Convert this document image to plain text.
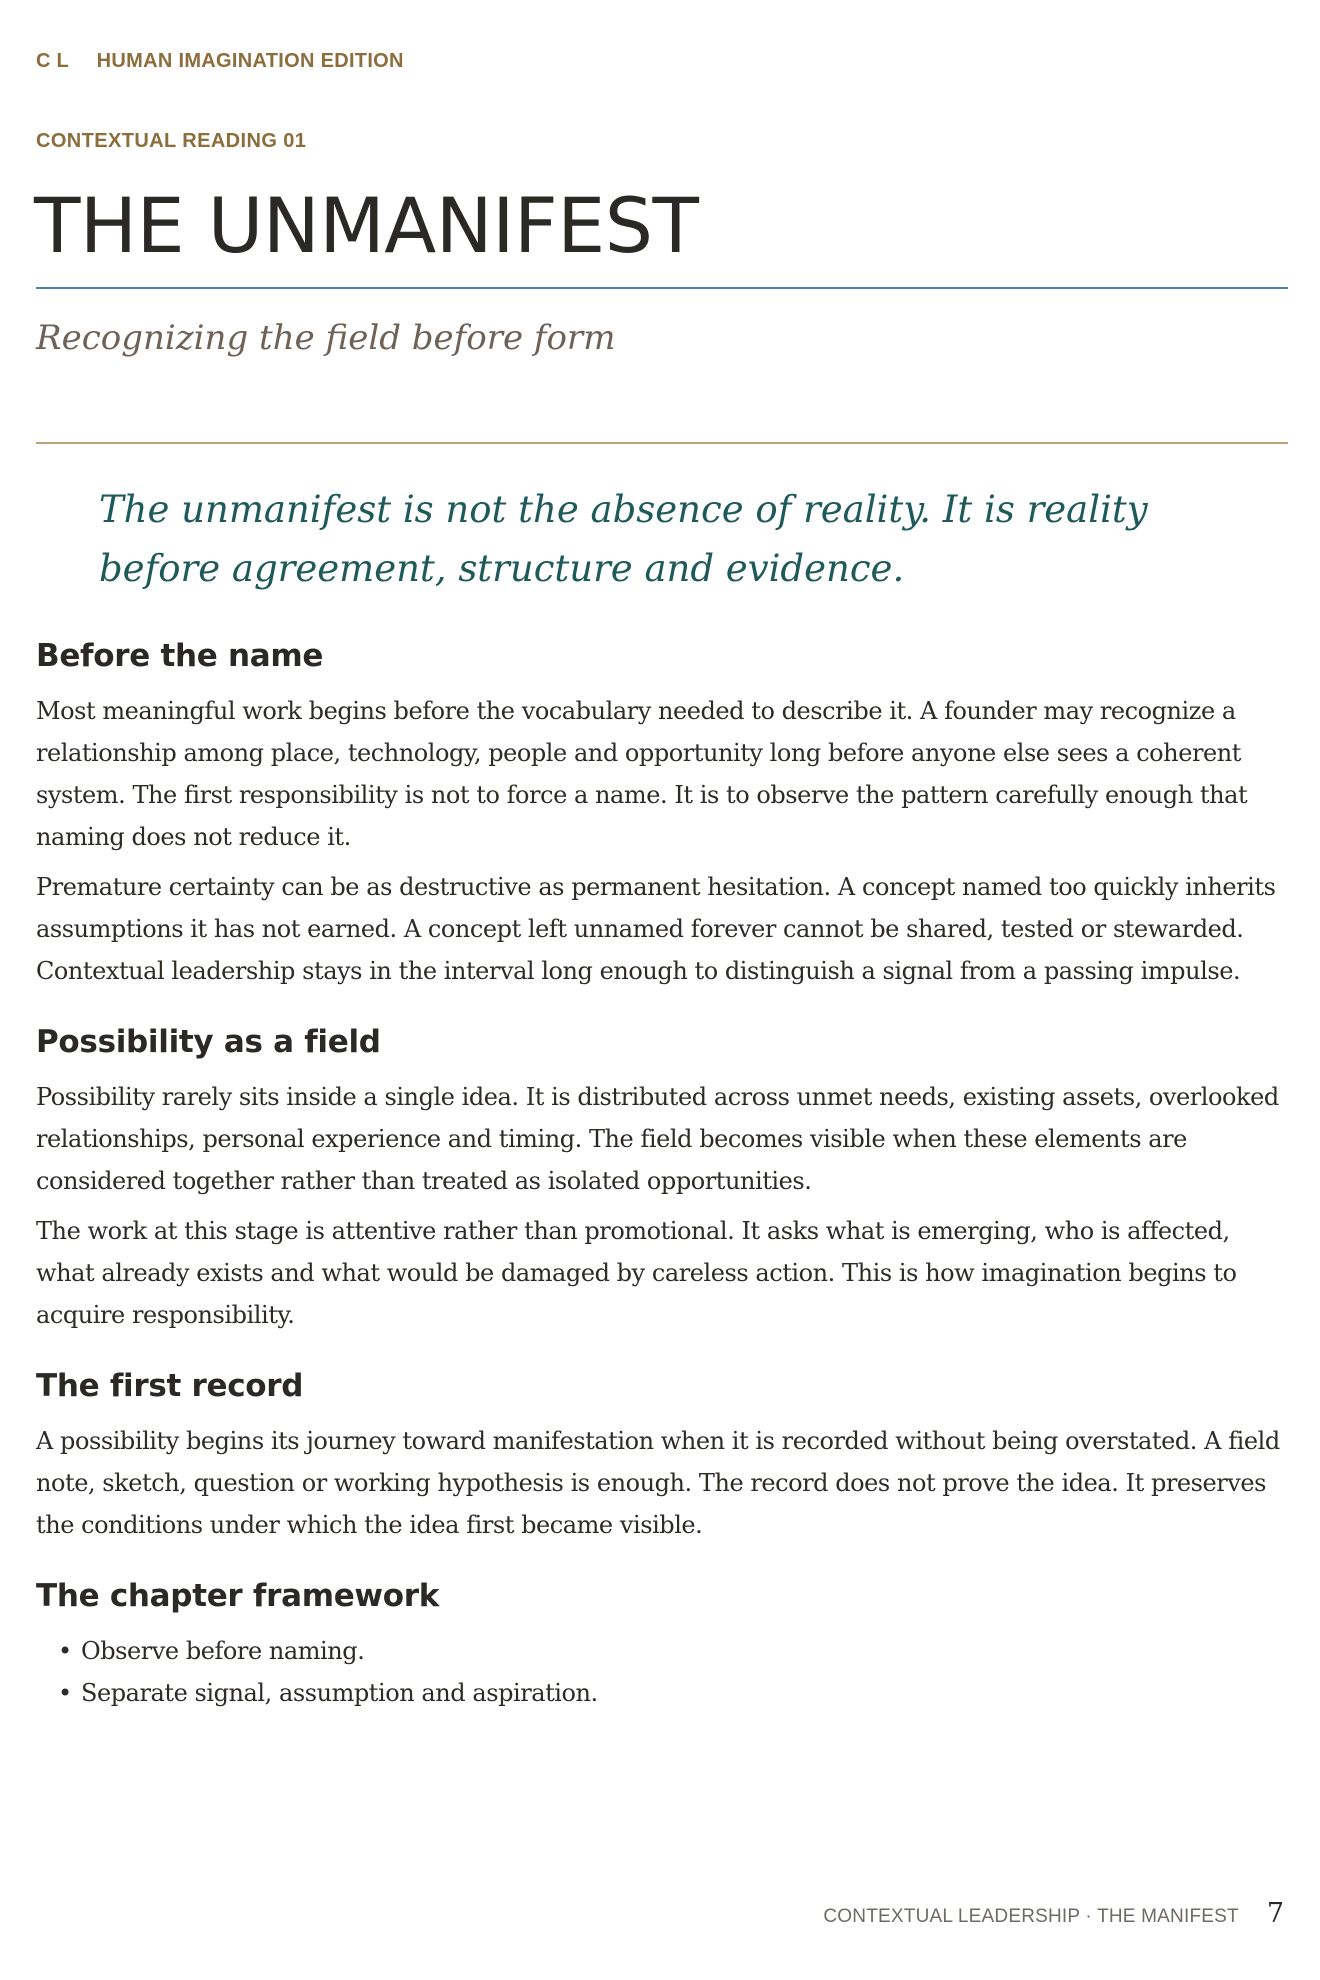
CL HUMAN IMAGINATION EDITION
CONTEXTUAL READING 01
THE UNMANIFEST
Recognizing the field before form
The unmanifest is not the absence of reality. It is reality before agreement, structure and evidence.
Before the name

Most meaningful work begins before the vocabulary needed to describe it. A founder may recognize a relationship among place, technology, people and opportunity long before anyone else sees a coherent system. The first responsibility is not to force a name. It is to observe the pattern carefully enough that naming does not reduce it.

Premature certainty can be as destructive as permanent hesitation. A concept named too quickly inherits assumptions it has not earned. A concept left unnamed forever cannot be shared, tested or stewarded. Contextual leadership stays in the interval long enough to distinguish a signal from a passing impulse.

Possibility as a field

Possibility rarely sits inside a single idea. It is distributed across unmet needs, existing assets, overlooked relationships, personal experience and timing. The field becomes visible when these elements are considered together rather than treated as isolated opportunities.

The work at this stage is attentive rather than promotional. It asks what is emerging, who is affected, what already exists and what would be damaged by careless action. This is how imagination begins to acquire responsibility.

The first record

A possibility begins its journey toward manifestation when it is recorded without being overstated. A field note, sketch, question or working hypothesis is enough. The record does not prove the idea. It preserves the conditions under which the idea first became visible.

The chapter framework
• Observe before naming.
• Separate signal, assumption and aspiration.
CONTEXTUAL LEADERSHIP · THE MANIFEST 7
